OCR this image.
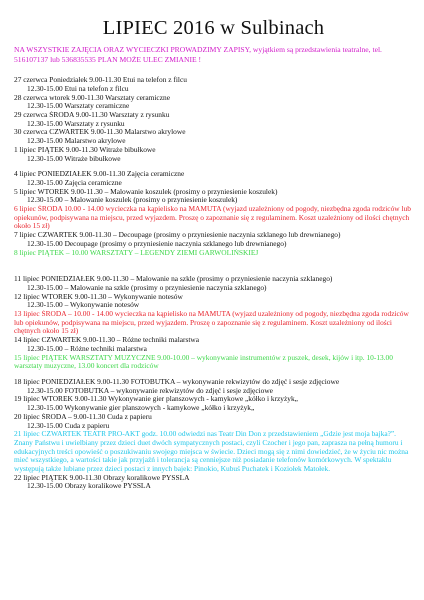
LIPIEC 2016 w Sulbinach
NA WSZYSTKIE ZAJĘCIA ORAZ WYCIECZKI PROWADZIMY ZAPISY, wyjątkiem są przedstawienia teatralne, tel. 516107137 lub 536835535 PLAN MOŻE ULEC ZMIANIE !
27 czerwca Poniedziałek 9.00-11.30 Etui na telefon z filcu
12.30-15.00 Etui na telefon z filcu
28 czerwca wtorek 9.00-11.30 Warsztaty ceramiczne
12.30-15.00 Warsztaty ceramiczne
29 czerwca ŚRODA 9.00-11.30 Warsztaty z rysunku
12.30-15.00 Warsztaty z rysunku
30 czerwca CZWARTEK 9.00-11.30 Malarstwo akrylowe
12.30-15.00 Malarstwo akrylowe
1 lipiec PIĄTEK 9.00-11.30 Witraże bibułkowe
12.30-15.00 Witraże bibułkowe
4 lipiec PONIEDZIAŁEK 9.00-11.30 Zajęcia ceramiczne
12.30-15.00 Zajęcia ceramiczne
5 lipiec WTOREK 9.00-11.30 – Malowanie koszulek (prosimy o przyniesienie koszulek)
12.30-15.00 – Malowanie koszulek (prosimy o przyniesienie koszulek)
6 lipiec ŚRODA 10.00 - 14.00 wycieczka na kąpielisko na MAMUTA (wyjazd uzależniony od pogody, niezbędna zgoda rodziców lub opiekunów, podpisywana na miejscu, przed wyjazdem. Proszę o zapoznanie się z regulaminem. Koszt uzależniony od ilości chętnych około 15 zł)
7 lipiec CZWARTEK 9.00-11.30 – Decoupage (prosimy o przyniesienie naczynia szklanego lub drewnianego)
12.30-15.00 Decoupage (prosimy o przyniesienie naczynia szklanego lub drewnianego)
8 lipiec PIĄTEK – 10.00 WARSZTATY – LEGENDY ZIEMI GARWOLIŃSKIEJ
11 lipiec PONIEDZIAŁEK 9.00-11.30 – Malowanie na szkle (prosimy o przyniesienie naczynia szklanego)
12.30-15.00 – Malowanie na szkle (prosimy o przyniesienie naczynia szklanego)
12 lipiec WTOREK 9.00-11.30 – Wykonywanie notesów
12.30-15.00 – Wykonywanie notesów
13 lipiec ŚRODA – 10.00 - 14.00 wycieczka na kąpielisko na MAMUTA (wyjazd uzależniony od pogody, niezbędna zgoda rodziców lub opiekunów, podpisywana na miejscu, przed wyjazdem. Proszę o zapoznanie się z regulaminem. Koszt uzależniony od ilości chętnych około 15 zł)
14 lipiec CZWARTEK 9.00-11.30 – Różne techniki malarstwa
12.30-15.00 – Różne techniki malarstwa
15 lipiec PIĄTEK WARSZTATY MUZYCZNE 9.00-10.00 – wykonywanie instrumentów z puszek, desek, kijów i itp. 10-13.00 warsztaty muzyczne, 13.00 koncert dla rodziców
18 lipiec PONIEDZIAŁEK 9.00-11.30 FOTOBUTKA – wykonywanie rekwizytów do zdjęć i sesje zdjęciowe
12.30-15.00 FOTOBUTKA – wykonywanie rekwizytów do zdjęć i sesje zdjęciowe
19 lipiec WTOREK 9.00-11.30 Wykonywanie gier planszowych - kamykowe „kółko i krzyżyk„
12.30-15.00 Wykonywanie gier planszowych - kamykowe „kółko i krzyżyk„
20 lipiec ŚRODA – 9.00-11.30 Cuda z papieru
12.30-15.00 Cuda z papieru
21 lipiec CZWARTEK TEATR PRO-AKT godz. 10.00 odwiedzi nas Teatr Din Don z przedstawieniem „Gdzie jest moja bajka?”. Znany Państwu i uwielbiany przez dzieci duet dwóch sympatycznych postaci, czyli Czocher i jego pan, zaprasza na pełną humoru i edukacyjnych treści opowieść o poszukiwaniu swojego miejsca w świecie. Dzieci mogą się z nimi dowiedzieć, że w życiu nic można mieć wszystkiego, a wartości takie jak przyjaźń i tolerancja są cenniejsze niż posiadanie telefonów komórkowych. W spektaklu występują także lubiane przez dzieci postaci z innych bajek: Pinokio, Kubuś Puchatek i Koziołek Matołek.
22 lipiec PIĄTEK 9.00-11.30 Obrazy koralikowe PYSSLA
12.30-15.00 Obrazy koralikowe PYSSLA
